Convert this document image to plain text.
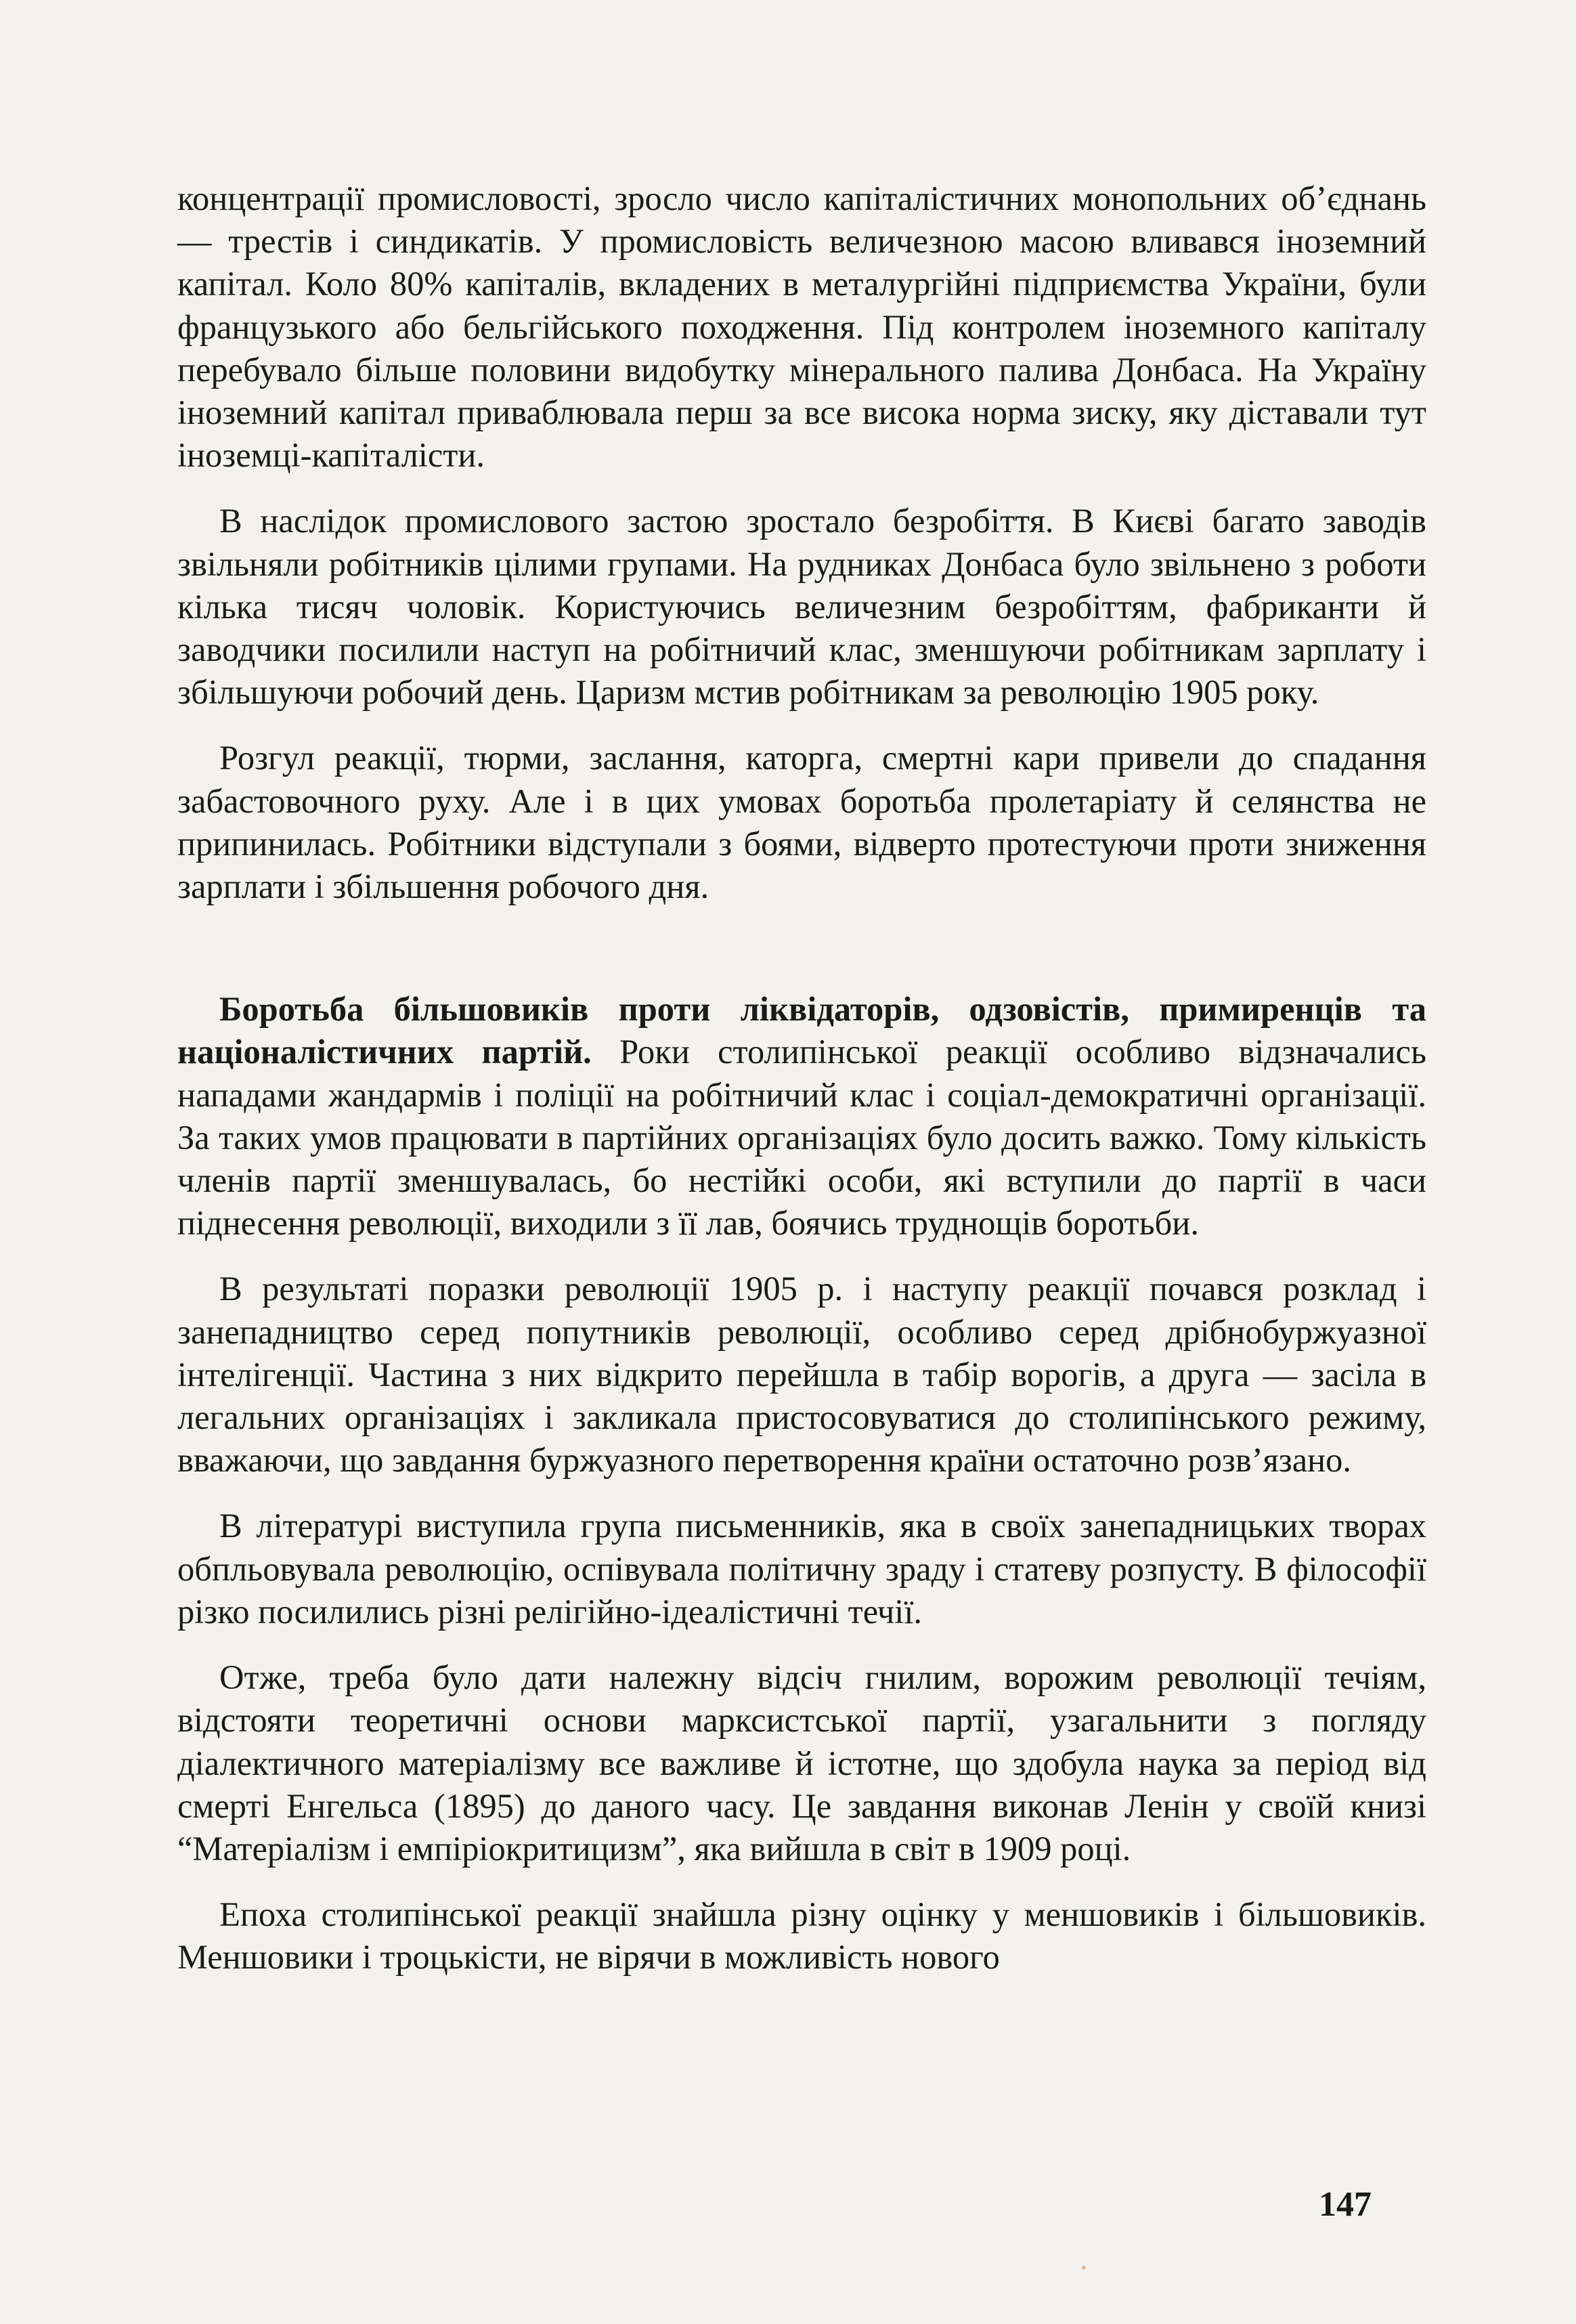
концентрації промисловості, зросло число капіталістичних монопольних об’єднань — трестів і синдикатів. У промисловість величезною масою вливався іноземний капітал. Коло 80% капіталів, вкладених в металургійні підприємства України, були французького або бельгійського походження. Під контролем іноземного капіталу перебувало більше половини видобутку мінерального палива Донбаса. На Україну іноземний капітал приваблювала перш за все висока норма зиску, яку діставали тут іноземці-капіталісти.

В наслідок промислового застою зростало безробіття. В Києві багато заводів звільняли робітників цілими групами. На рудниках Донбаса було звільнено з роботи кілька тисяч чоловік. Користуючись величезним безробіттям, фабриканти й заводчики посилили наступ на робітничий клас, зменшуючи робітникам зарплату і збільшуючи робочий день. Царизм мстив робітникам за революцію 1905 року.

Розгул реакції, тюрми, заслання, каторга, смертні кари привели до спадання забастовочного руху. Але і в цих умовах боротьба пролетаріату й селянства не припинилась. Робітники відступали з боями, відверто протестуючи проти зниження зарплати і збільшення робочого дня.

Боротьба більшовиків проти ліквідаторів, одзовістів, примиренців та націоналістичних партій. Роки столипінської реакції особливо відзначались нападами жандармів і поліції на робітничий клас і соціал-демократичні організації. За таких умов працювати в партійних організаціях було досить важко. Тому кількість членів партії зменшувалась, бо нестійкі особи, які вступили до партії в часи піднесення революції, виходили з її лав, боячись труднощів боротьби.

В результаті поразки революції 1905 р. і наступу реакції почався розклад і занепадництво серед попутників революції, особливо серед дрібнобуржуазної інтелігенції. Частина з них відкрито перейшла в табір ворогів, а друга — засіла в легальних організаціях і закликала пристосовуватися до столипінського режиму, вважаючи, що завдання буржуазного перетворення країни остаточно розв’язано.

В літературі виступила група письменників, яка в своїх занепадницьких творах обпльовувала революцію, оспівувала політичну зраду і статеву розпусту. В філософії різко посилились різні релігійно-ідеалістичні течії.

Отже, треба було дати належну відсіч гнилим, ворожим революції течіям, відстояти теоретичні основи марксистської партії, узагальнити з погляду діалектичного матеріалізму все важливе й істотне, що здобула наука за період від смерті Енгельса (1895) до даного часу. Це завдання виконав Ленін у своїй книзі “Матеріалізм і емпіріокритицизм”, яка вийшла в світ в 1909 році.

Епоха столипінської реакції знайшла різну оцінку у меншовиків і більшовиків. Меншовики і троцькісти, не вірячи в можливість нового

147
